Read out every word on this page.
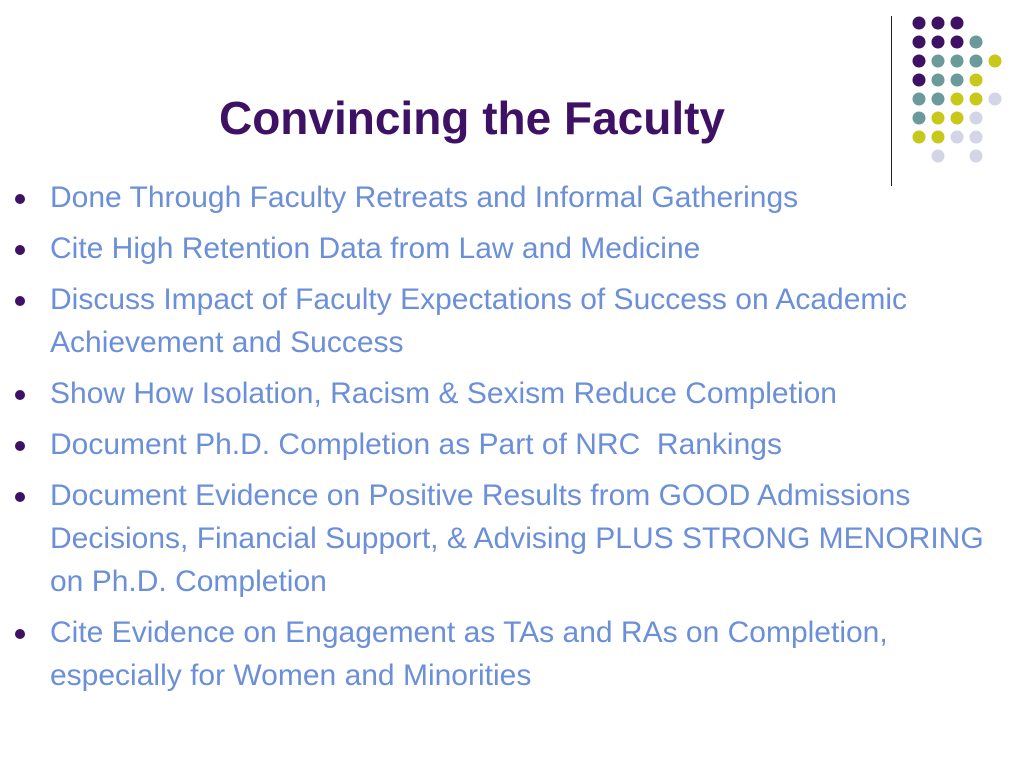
Convincing the Faculty
Done Through Faculty Retreats and Informal Gatherings
Cite High Retention Data from Law and Medicine
Discuss Impact of Faculty Expectations of Success on Academic Achievement and Success
Show How Isolation, Racism & Sexism Reduce Completion
Document Ph.D. Completion as Part of NRC  Rankings
Document Evidence on Positive Results from GOOD Admissions Decisions, Financial Support, & Advising PLUS STRONG MENORING on Ph.D. Completion
Cite Evidence on Engagement as TAs and RAs on Completion, especially for Women and Minorities
